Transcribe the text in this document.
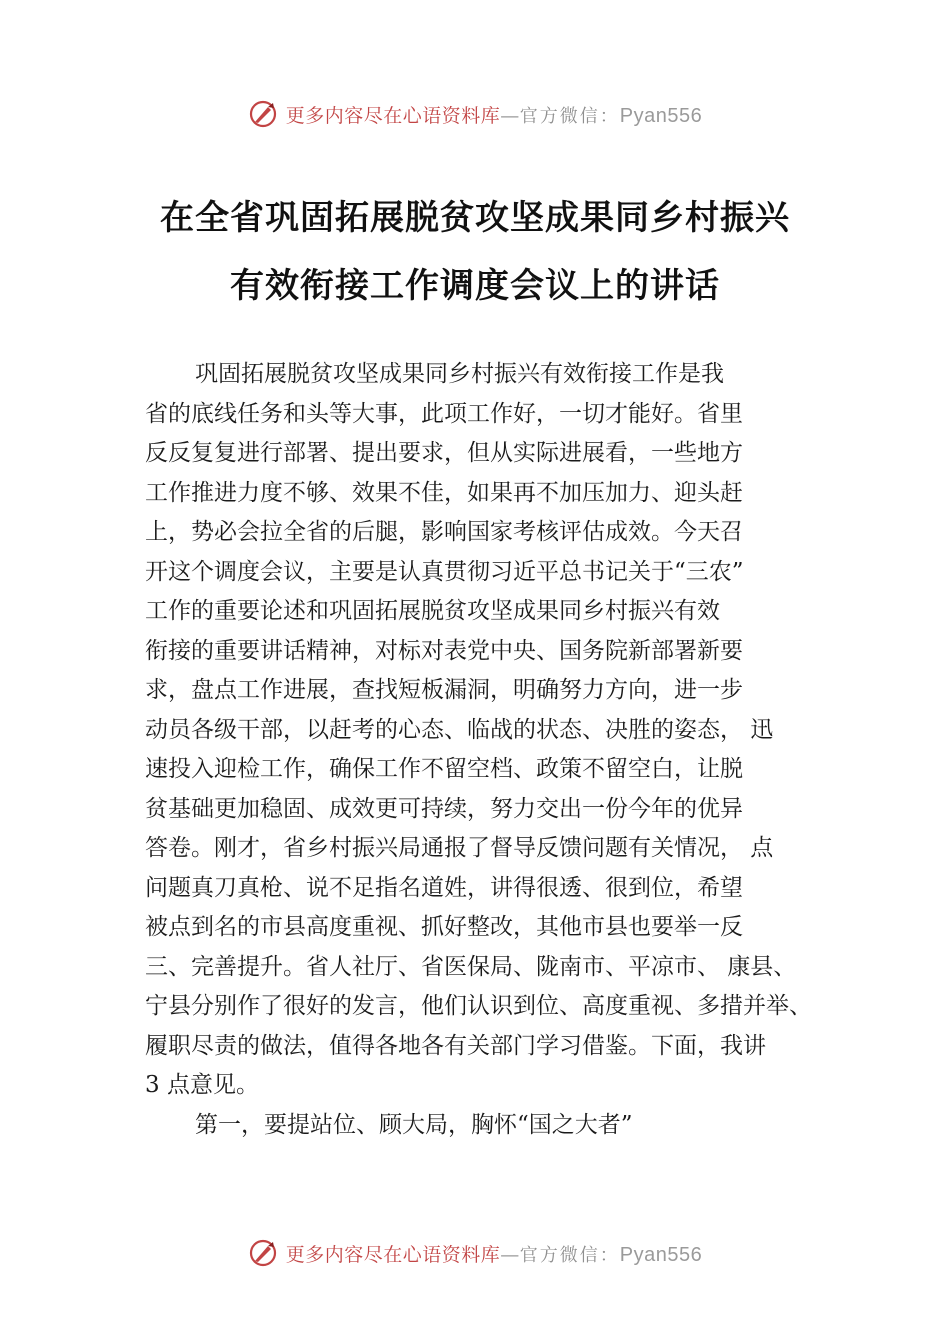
更多内容尽在心语资料库—官方微信：Pyan556
在全省巩固拓展脱贫攻坚成果同乡村振兴
有效衔接工作调度会议上的讲话
巩固拓展脱贫攻坚成果同乡村振兴有效衔接工作是我
省的底线任务和头等大事，此项工作好，一切才能好。省里
反反复复进行部署、提出要求，但从实际进展看，一些地方
工作推进力度不够、效果不佳，如果再不加压加力、迎头赶
上，势必会拉全省的后腿，影响国家考核评估成效。今天召
开这个调度会议，主要是认真贯彻习近平总书记关于“三农”
工作的重要论述和巩固拓展脱贫攻坚成果同乡村振兴有效
衔接的重要讲话精神，对标对表党中央、国务院新部署新要
求，盘点工作进展，查找短板漏洞，明确努力方向，进一步
动员各级干部，以赶考的心态、临战的状态、决胜的姿态， 迅
速投入迎检工作，确保工作不留空档、政策不留空白，让脱
贫基础更加稳固、成效更可持续，努力交出一份今年的优异
答卷。刚才，省乡村振兴局通报了督导反馈问题有关情况， 点
问题真刀真枪、说不足指名道姓，讲得很透、很到位，希望
被点到名的市县高度重视、抓好整改，其他市县也要举一反
三、完善提升。省人社厅、省医保局、陇南市、平凉市、 康县、
宁县分别作了很好的发言，他们认识到位、高度重视、多措并举、
履职尽责的做法，值得各地各有关部门学习借鉴。下面，我讲
3 点意见。
第一，要提站位、顾大局，胸怀“国之大者”
更多内容尽在心语资料库—官方微信：Pyan556
